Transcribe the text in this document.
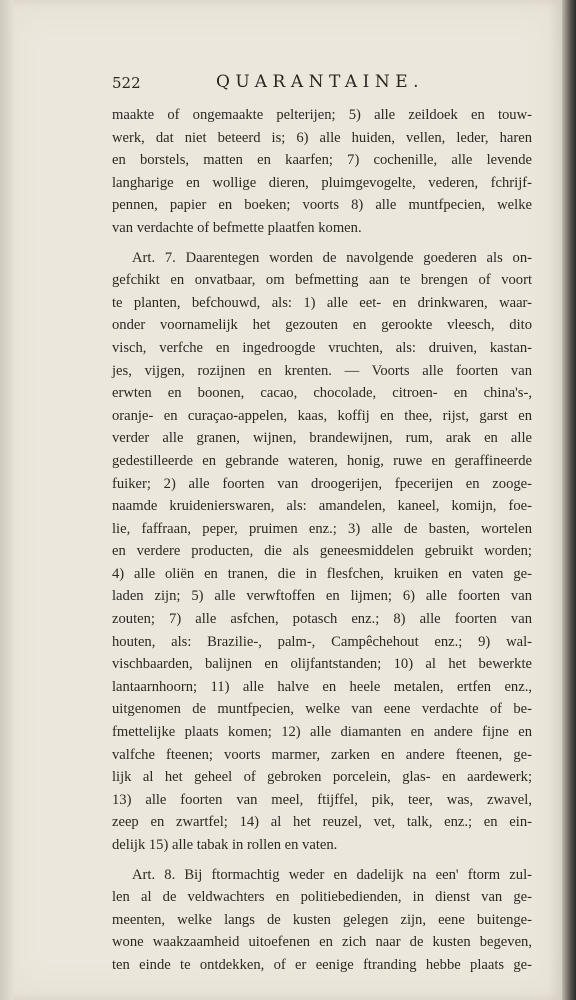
522	QUARANTAINE.

maakte of ongemaakte pelterijen; 5) alle zeildoek en touw-
werk, dat niet beteerd is; 6) alle huiden, vellen, leder, haren
en borstels, matten en kaarfen; 7) cochenille, alle levende
langharige en wollige dieren, pluimgevogelte, vederen, fchrijf-
pennen, papier en boeken; voorts 8) alle muntfpecien, welke
van verdachte of befmette plaatfen komen.

Art. 7. Daarentegen worden de navolgende goederen als on-
gefchikt en onvatbaar, om befmetting aan te brengen of voort
te planten, befchouwd, als: 1) alle eet- en drinkwaren, waar-
onder voornamelijk het gezouten en gerookte vleesch, dito
visch, verfche en ingedroogde vruchten, als: druiven, kastan-
jes, vijgen, rozijnen en krenten. — Voorts alle foorten van
erwten en boonen, cacao, chocolade, citroen- en china's-,
oranje- en curaçao-appelen, kaas, koffij en thee, rijst, garst en
verder alle granen, wijnen, brandewijnen, rum, arak en alle
gedestilleerde en gebrande wateren, honig, ruwe en geraffineerde
fuiker; 2) alle foorten van droogerijen, fpecerijen en zooge-
naamde kruidenierswaren, als: amandelen, kaneel, komijn, foe-
lie, faffraan, peper, pruimen enz.; 3) alle de basten, wortelen
en verdere producten, die als geneesmiddelen gebruikt worden;
4) alle oliën en tranen, die in flesfchen, kruiken en vaten ge-
laden zijn; 5) alle verwftoffen en lijmen; 6) alle foorten van
zouten; 7) alle asfchen, potasch enz.; 8) alle foorten van
houten, als: Brazilie-, palm-, Campêchehout enz.; 9) wal-
vischbaarden, balijnen en olijfantstanden; 10) al het bewerkte
lantaarnhoorn; 11) alle halve en heele metalen, ertfen enz.,
uitgenomen de muntfpecien, welke van eene verdachte of be-
fmettelijke plaats komen; 12) alle diamanten en andere fijne en
valfche fteenen; voorts marmer, zarken en andere fteenen, ge-
lijk al het geheel of gebroken porcelein, glas- en aardewerk;
13) alle foorten van meel, ftijffel, pik, teer, was, zwavel,
zeep en zwartfel; 14) al het reuzel, vet, talk, enz.; en ein-
delijk 15) alle tabak in rollen en vaten.

Art. 8. Bij ftormachtig weder en dadelijk na een' ftorm zul-
len al de veldwachters en politiebedienden, in dienst van ge-
meenten, welke langs de kusten gelegen zijn, eene buitenge-
wone waakzaamheid uitoefenen en zich naar de kusten begeven,
ten einde te ontdekken, of er eenige ftranding hebbe plaats ge-
